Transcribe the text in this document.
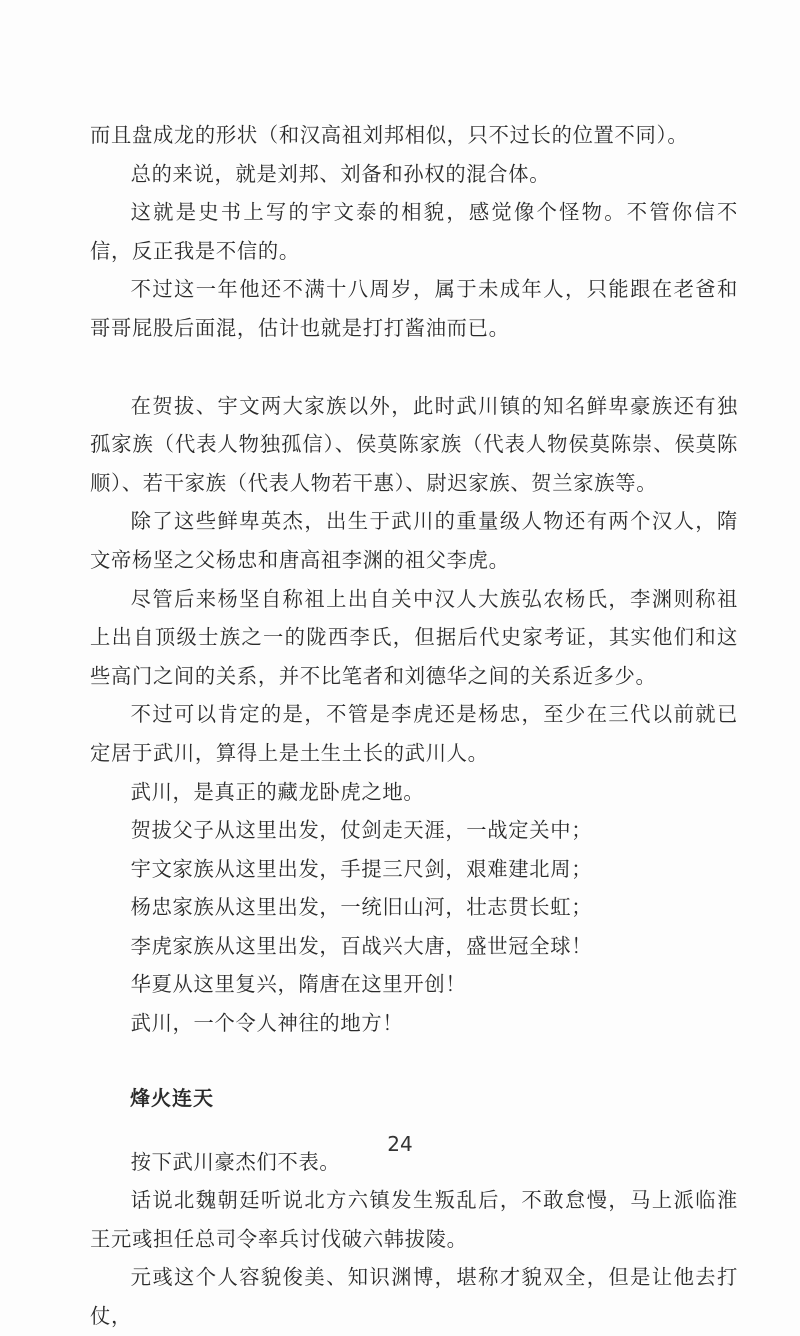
而且盘成龙的形状（和汉高祖刘邦相似，只不过长的位置不同）。

总的来说，就是刘邦、刘备和孙权的混合体。

这就是史书上写的宇文泰的相貌，感觉像个怪物。不管你信不信，反正我是不信的。

不过这一年他还不满十八周岁，属于未成年人，只能跟在老爸和哥哥屁股后面混，估计也就是打打酱油而已。

在贺拔、宇文两大家族以外，此时武川镇的知名鲜卑豪族还有独孤家族（代表人物独孤信）、侯莫陈家族（代表人物侯莫陈崇、侯莫陈顺）、若干家族（代表人物若干惠）、尉迟家族、贺兰家族等。

除了这些鲜卑英杰，出生于武川的重量级人物还有两个汉人，隋文帝杨坚之父杨忠和唐高祖李渊的祖父李虎。

尽管后来杨坚自称祖上出自关中汉人大族弘农杨氏，李渊则称祖上出自顶级士族之一的陇西李氏，但据后代史家考证，其实他们和这些高门之间的关系，并不比笔者和刘德华之间的关系近多少。

不过可以肯定的是，不管是李虎还是杨忠，至少在三代以前就已定居于武川，算得上是土生土长的武川人。

武川，是真正的藏龙卧虎之地。

贺拔父子从这里出发，仗剑走天涯，一战定关中；

宇文家族从这里出发，手提三尺剑，艰难建北周；

杨忠家族从这里出发，一统旧山河，壮志贯长虹；

李虎家族从这里出发，百战兴大唐，盛世冠全球！

华夏从这里复兴，隋唐在这里开创！

武川，一个令人神往的地方！

烽火连天

按下武川豪杰们不表。

话说北魏朝廷听说北方六镇发生叛乱后，不敢怠慢，马上派临淮王元彧担任总司令率兵讨伐破六韩拔陵。

元彧这个人容貌俊美、知识渊博，堪称才貌双全，但是让他去打仗，

24
